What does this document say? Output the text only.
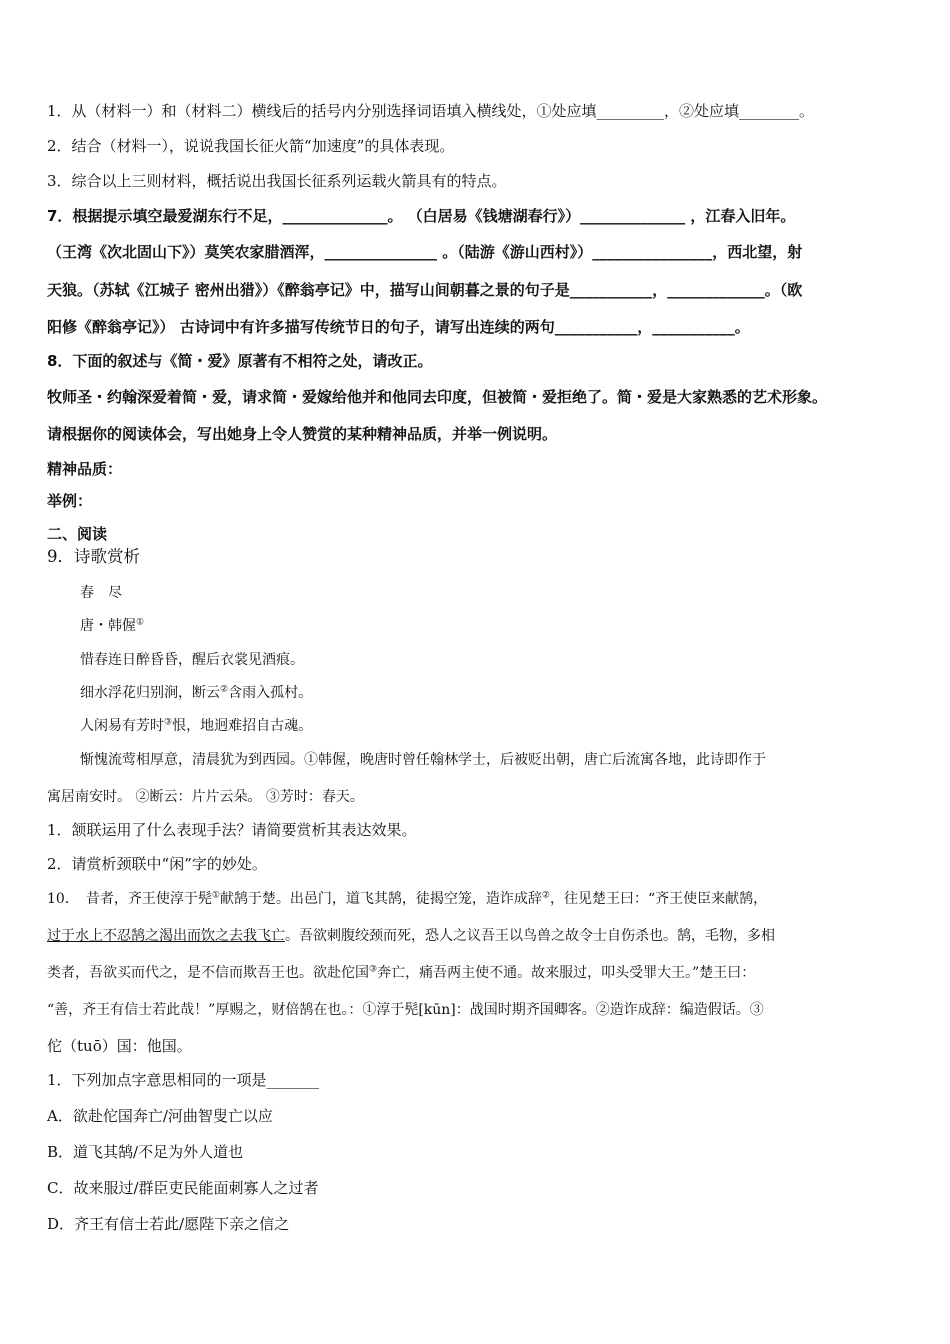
1．从（材料一）和（材料二）横线后的括号内分别选择词语填入横线处，①处应填_________，②处应填________。
2．结合（材料一），说说我国长征火箭“加速度”的具体表现。
3．综合以上三则材料，概括说出我国长征系列运载火箭具有的特点。
7．根据提示填空最爱湖东行不足，______________。 （白居易《钱塘湖春行》）______________ ，江春入旧年。
（王湾《次北固山下》）莫笑农家腊酒浑，_______________ 。（陆游《游山西村》）________________，西北望，射
天狼。（苏轼《江城子 密州出猎》）《醉翁亭记》中，描写山间朝暮之景的句子是___________，_____________。（欧
阳修《醉翁亭记》） 古诗词中有许多描写传统节日的句子，请写出连续的两句___________，___________。
8．下面的叙述与《简・爱》原著有不相符之处，请改正。
牧师圣・约翰深爱着简・爱，请求简・爱嫁给他并和他同去印度，但被简・爱拒绝了。简・爱是大家熟悉的艺术形象。
请根据你的阅读体会，写出她身上令人赞赏的某种精神品质，并举一例说明。
精神品质：
举例：
二、阅读
9．诗歌赏析
春　尽
唐・韩偓①
惜春连日醉昏昏，醒后衣裳见酒痕。
细水浮花归别涧，断云②含雨入孤村。
人闲易有芳时③恨，地迥难招自古魂。
惭愧流莺相厚意，清晨犹为到西园。①韩偓，晚唐时曾任翰林学士，后被贬出朝，唐亡后流寓各地，此诗即作于
寓居南安时。 ②断云：片片云朵。 ③芳时：春天。
1．颔联运用了什么表现手法？请简要赏析其表达效果。
2．请赏析颈联中“闲”字的妙处。
10．　昔者，齐王使淳于髡①献鹄于楚。出邑门，道飞其鹄，徒揭空笼，造诈成辞②，往见楚王曰：“齐王使臣来献鹄，
过于水上不忍鹄之渴出而饮之去我飞亡。吾欲刺腹绞颈而死，恐人之议吾王以鸟兽之故令士自伤杀也。鹄，毛物，多相
类者，吾欲买而代之，是不信而欺吾王也。欲赴佗国③奔亡，痛吾两主使不通。故来服过，叩头受罪大王。”楚王曰：
“善，齐王有信士若此哉！”厚赐之，财倍鹄在也。：①淳于髡[kūn]：战国时期齐国卿客。②造诈成辞：编造假话。③
佗（tuō）国：他国。
1．下列加点字意思相同的一项是_______
A．欲赴佗国奔亡/河曲智叟亡以应
B．道飞其鹄/不足为外人道也
C．故来服过/群臣吏民能面刺寡人之过者
D．齐王有信士若此/愿陛下亲之信之
